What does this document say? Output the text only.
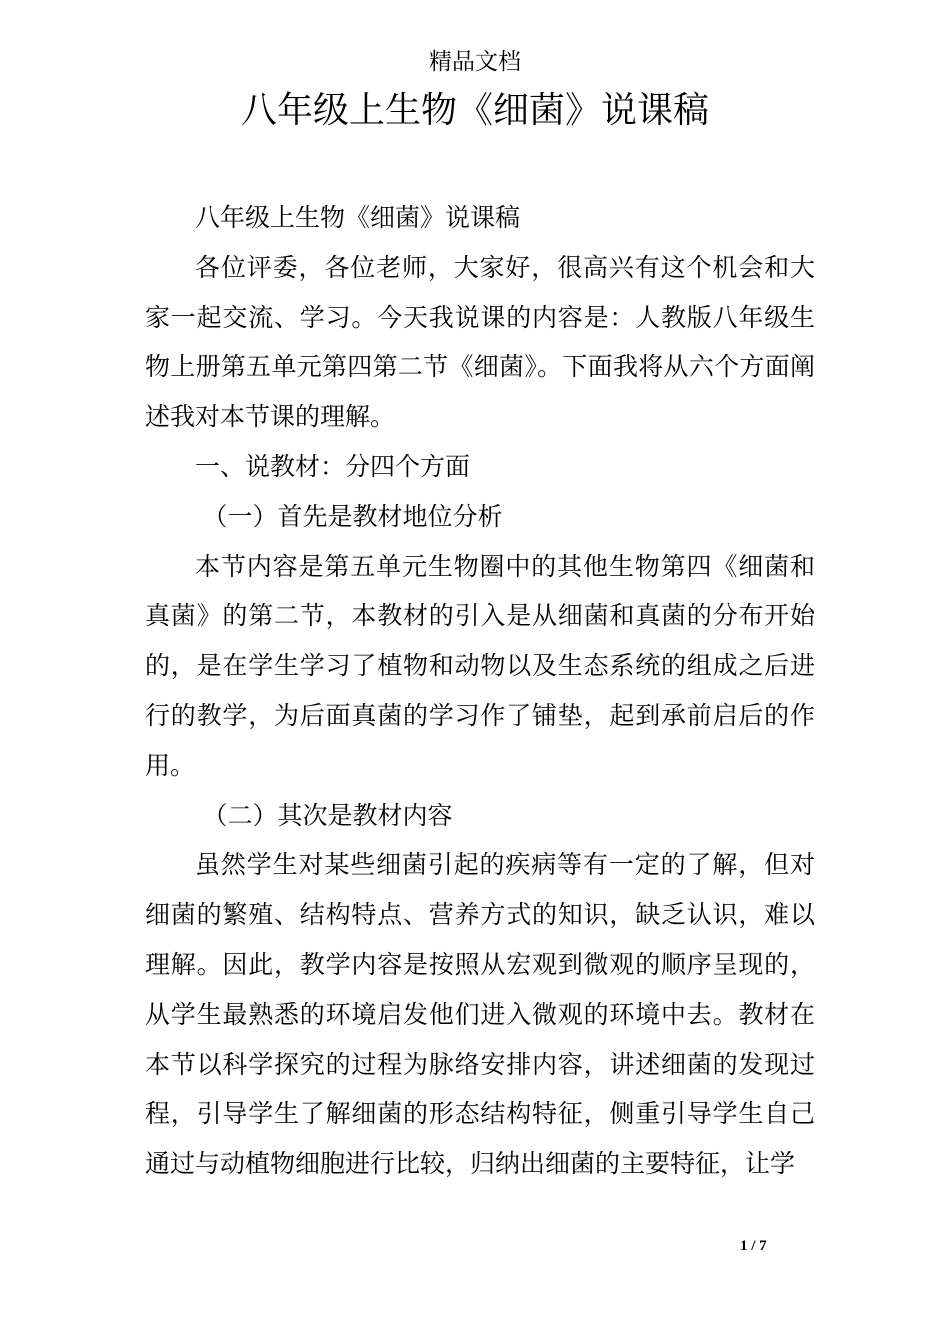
精品文档
八年级上生物《细菌》说课稿

八年级上生物《细菌》说课稿

各位评委，各位老师，大家好，很高兴有这个机会和大家一起交流、学习。今天我说课的内容是：人教版八年级生物上册第五单元第四第二节《细菌》。下面我将从六个方面阐述我对本节课的理解。

一、说教材：分四个方面

（一）首先是教材地位分析

本节内容是第五单元生物圈中的其他生物第四《细菌和真菌》的第二节，本教材的引入是从细菌和真菌的分布开始的，是在学生学习了植物和动物以及生态系统的组成之后进行的教学，为后面真菌的学习作了铺垫，起到承前启后的作用。

（二）其次是教材内容

虽然学生对某些细菌引起的疾病等有一定的了解，但对细菌的繁殖、结构特点、营养方式的知识，缺乏认识，难以理解。因此，教学内容是按照从宏观到微观的顺序呈现的，从学生最熟悉的环境启发他们进入微观的环境中去。教材在本节以科学探究的过程为脉络安排内容，讲述细菌的发现过程，引导学生了解细菌的形态结构特征，侧重引导学生自己通过与动植物细胞进行比较，归纳出细菌的主要特征，让学

1 / 7
